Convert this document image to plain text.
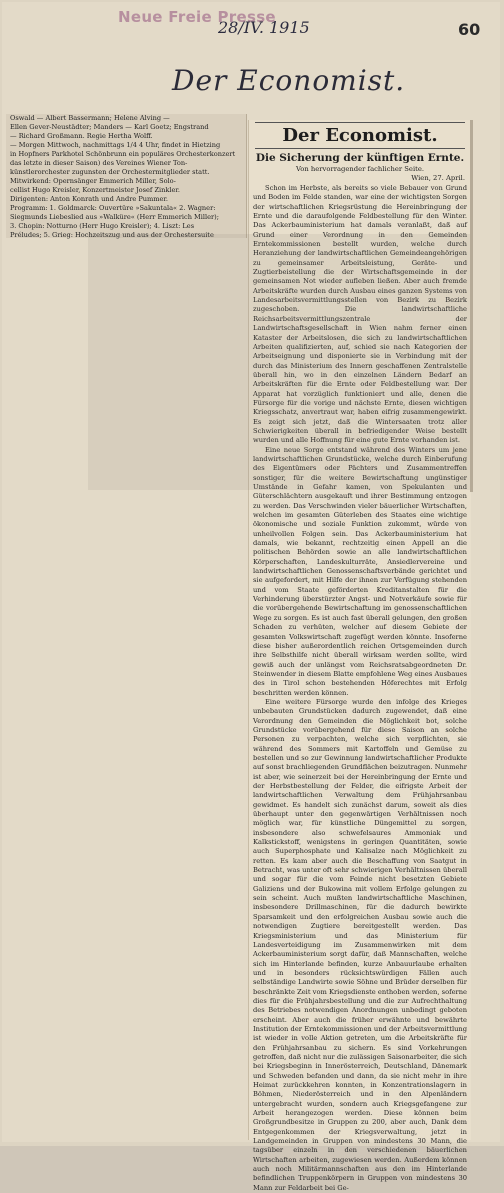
Neue Freie Presse
28/IV. 1915	60
Der Economist.

Oswald — Albert Bassermann; Helene Alving —

Ellen Gever-Neustädter; Manders — Karl Goetz; Engstrand

— Richard Großmann. Regie Hertha Wolff.

— Morgen Mittwoch, nachmittags 1/4 4 Uhr, findet in Hietzing

in Hopfners Parkhotel Schönbrunn ein populäres Orchesterkonzert

das letzte in dieser Saison) des Vereines Wiener Ton-

künstlerorchester zugunsten der Orchestermitglieder statt.

Mitwirkend: Opernsänger Emmerich Miller, Solo-

cellist Hugo Kreisler, Konzertmeister Josef Zinkler.

Dirigenten: Anton Konrath und Andre Pummer.

Programm: 1. Goldmarck: Ouvertüre »Sakuntala« 2. Wagner:

Siegmunds Liebeslied aus »Walküre« (Herr Emmerich Miller);

3. Chopin: Notturno (Herr Hugo Kreisler); 4. Liszt: Les

Préludes; 5. Grieg: Hochzeitszug und aus der Orchestersuite

Der Economist.
Die Sicherung der künftigen Ernte.
Von hervorragender fachlicher Seite.
Wien, 27. April.

Schon im Herbste, als bereits so viele Bebauer von Grund und Boden im Felde standen, war eine der wichtigsten Sorgen der wirtschaftlichen Kriegsrüstung die Hereinbringung der Ernte und die daraufolgende Feldbestellung für den Winter. Das Ackerbauministerium hat damals veranlaßt, daß auf Grund einer Verordnung in den Gemeinden Erntekommissionen bestellt wurden, welche durch Heranziehung der landwirtschaftlichen Gemeindeangehörigen zu gemeinsamer Arbeitsleistung, Geräte- und Zugtierbeistellung die der Wirtschaftsgemeinde in der gemeinsamen Not wieder aufleben ließen. Aber auch fremde Arbeitskräfte wurden durch Ausbau eines ganzen Systems von Landesarbeitsvermittlungsstellen von Bezirk zu Bezirk zugeschoben. Die landwirtschaftliche Reichsarbeitsvermittlungszentrale der Landwirtschaftsgesellschaft in Wien nahm ferner einen Kataster der Arbeitslosen, die sich zu landwirtschaftlichen Arbeiten qualifizierten, auf, schied sie nach Kategorien der Arbeitseignung und disponierte sie in Verbindung mit der durch das Ministerium des Innern geschaffenen Zentralstelle überall hin, wo in den einzelnen Ländern Bedarf an Arbeitskräften für die Ernte oder Feldbestellung war. Der Apparat hat vorzüglich funktioniert und alle, denen die Fürsorge für die vorige und nächste Ernte, diesen wichtigen Kriegsschatz, anvertraut war, haben eifrig zusammengewirkt. Es zeigt sich jetzt, daß die Wintersaaten trotz aller Schwierigkeiten überall in befriedigender Weise bestellt wurden und alle Hoffnung für eine gute Ernte vorhanden ist.

Eine neue Sorge entstand während des Winters um jene landwirtschaftlichen Grundstücke, welche durch Einberufung des Eigentümers oder Pächters und Zusammentreffen sonstiger, für die weitere Bewirtschaftung ungünstiger Umstände in Gefahr kamen, von Spekulanten und Güterschlächtern ausgekauft und ihrer Bestimmung entzogen zu werden. Das Verschwinden vieler bäuerlicher Wirtschaften, welchen im gesamten Güterleben des Staates eine wichtige ökonomische und soziale Funktion zukommt, würde von unheilvollen Folgen sein. Das Ackerbauministerium hat damals, wie bekannt, rechtzeitig einen Appell an die politischen Behörden sowie an alle landwirtschaftlichen Körperschaften, Landeskulturräte, Ansiedlervereine und landwirtschaftlichen Genossenschaftsverbände gerichtet und sie aufgefordert, mit Hilfe der ihnen zur Verfügung stehenden und vom Staate geförderten Kreditanstalten für die Verhinderung überstürzter Angst- und Notverkäufe sowie für die vorübergehende Bewirtschaftung im genossenschaftlichen Wege zu sorgen. Es ist auch fast überall gelungen, den großen Schaden zu verhüten, welcher auf diesem Gebiete der gesamten Volkswirtschaft zugefügt werden könnte. Insoferne diese bisher außerordentlich reichen Ortsgemeinden durch ihre Selbsthilfe nicht überall wirksam werden sollte, wird gewiß auch der unlängst vom Reichsratsabgeordneten Dr. Steinwender in diesem Blatte empfohlene Weg eines Ausbaues des in Tirol schon bestehenden Höferechtes mit Erfolg beschritten werden können.

Eine weitere Fürsorge wurde den infolge des Krieges unbebauten Grundstücken dadurch zugewendet, daß eine Verordnung den Gemeinden die Möglichkeit bot, solche Grundstücke vorübergehend für diese Saison an solche Personen zu verpachten, welche sich verpflichten, sie während des Sommers mit Kartoffeln und Gemüse zu bestellen und so zur Gewinnung landwirtschaftlicher Produkte auf sonst brachliegenden Grundflächen beizutragen. Nunmehr ist aber, wie seinerzeit bei der Hereinbringung der Ernte und der Herbstbestellung der Felder, die eifrigste Arbeit der landwirtschaftlichen Verwaltung dem Frühjahrsanbau gewidmet. Es handelt sich zunächst darum, soweit als dies überhaupt unter den gegenwärtigen Verhältnissen noch möglich war, für künstliche Düngemittel zu sorgen, insbesondere also schwefelsaures Ammoniak und Kalkstickstoff, wenigstens in geringen Quantitäten, sowie auch Superphosphate und Kalisalze nach Möglichkeit zu retten. Es kam aber auch die Beschaffung von Saatgut in Betracht, was unter oft sehr schwierigen Verhältnissen überall und sogar für die vom Feinde nicht besetzten Gebiete Galiziens und der Bukowina mit vollem Erfolge gelungen zu sein scheint. Auch mußten landwirtschaftliche Maschinen, insbesondere Drillmaschinen, für die dadurch bewirkte Sparsamkeit und den erfolgreichen Ausbau sowie auch die notwendigen Zugtiere bereitgestellt werden. Das Kriegsministerium und das Ministerium für Landesverteidigung im Zusammenwirken mit dem Ackerbauministerium sorgt dafür, daß Mannschaften, welche sich im Hinterlande befinden, kurze Anbauurlaube erhalten und in besonders rücksichtswürdigen Fällen auch selbständige Landwirte sowie Söhne und Brüder derselben für beschränkte Zeit vom Kriegsdienste enthoben werden, soferne dies für die Frühjahrsbestellung und die zur Aufrechthaltung des Betriebes notwendigen Anordnungen unbedingt geboten erscheint. Aber auch die früher erwähnte und bewährte Institution der Erntekommissionen und der Arbeitsvermittlung ist wieder in volle Aktion getreten, um die Arbeitskräfte für den Frühjahrsanbau zu sichern. Es sind Vorkehrungen getroffen, daß nicht nur die zulässigen Saisonarbeiter, die sich bei Kriegsbeginn in Innerösterreich, Deutschland, Dänemark und Schweden befanden und dann, da sie nicht mehr in ihre Heimat zurückkehren konnten, in Konzentrationslagern in Böhmen, Niederösterreich und in den Alpenländern untergebracht wurden, sondern auch Kriegsgefangene zur Arbeit herangezogen werden. Diese können beim Großgrundbesitze in Gruppen zu 200, aber auch, Dank dem Entgegenkommen der Kriegsverwaltung, jetzt in Landgemeinden in Gruppen von mindestens 30 Mann, die tagsüber einzeln in den verschiedenen bäuerlichen Wirtschaften arbeiten, zugewiesen werden. Außerdem können auch noch Militärmannschaften aus den im Hinterlande befindlichen Truppenkörpern in Gruppen von mindestens 30 Mann zur Feldarbeit bei Ge-
